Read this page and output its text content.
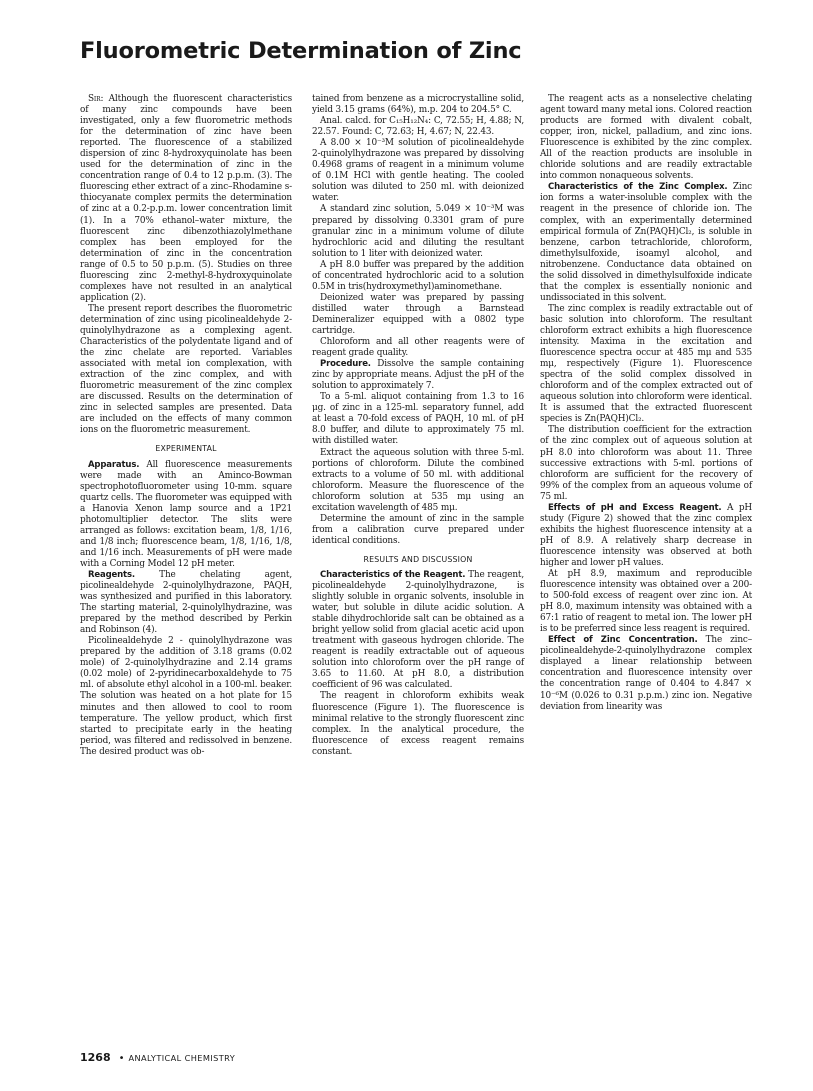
Fluorometric Determination of Zinc

Sir: Although the fluorescent characteristics of many zinc compounds have been investigated, only a few fluorometric methods for the determination of zinc have been reported. The fluorescence of a stabilized dispersion of zinc 8-hydroxyquinolate has been used for the determination of zinc in the concentration range of 0.4 to 12 p.p.m. (3). The fluorescing ether extract of a zinc–Rhodamine s-thiocyanate complex permits the determination of zinc at a 0.2-p.p.m. lower concentration limit (1). In a 70% ethanol–water mixture, the fluorescent zinc dibenzothiazolylmethane complex has been employed for the determination of zinc in the concentration range of 0.5 to 50 p.p.m. (5). Studies on three fluorescing zinc 2-methyl-8-hydroxyquinolate complexes have not resulted in an analytical application (2).

The present report describes the fluorometric determination of zinc using picolinealdehyde 2-quinolylhydrazone as a complexing agent. Characteristics of the polydentate ligand and of the zinc chelate are reported. Variables associated with metal ion complexation, with extraction of the zinc complex, and with fluorometric measurement of the zinc complex are discussed. Results on the determination of zinc in selected samples are presented. Data are included on the effects of many common ions on the fluorometric measurement.

EXPERIMENTAL

Apparatus. All fluorescence measurements were made with an Aminco-Bowman spectrophotofluorometer using 10-mm. square quartz cells. The fluorometer was equipped with a Hanovia Xenon lamp source and a 1P21 photomultiplier detector. The slits were arranged as follows: excitation beam, 1/8, 1/16, and 1/8 inch; fluorescence beam, 1/8, 1/16, 1/8, and 1/16 inch. Measurements of pH were made with a Corning Model 12 pH meter.

Reagents.	The chelating agent, picolinealdehyde 2-quinolylhydrazone, PAQH, was synthesized and purified in this laboratory. The starting material, 2-quinolylhydrazine, was prepared by the method described by Perkin and Robinson (4).

Picolinealdehyde 2 - quinolylhydrazone was prepared by the addition of 3.18 grams (0.02 mole) of 2-quinolylhydrazine and 2.14 grams (0.02 mole) of 2-pyridinecarboxaldehyde to 75 ml. of absolute ethyl alcohol in a 100-ml. beaker. The solution was heated on a hot plate for 15 minutes and then allowed to cool to room temperature. The yellow product, which first started to precipitate early in the heating period, was filtered and redissolved in benzene. The desired product was ob-

tained from benzene as a microcrystalline solid, yield 3.15 grams (64%), m.p. 204 to 204.5° C.

Anal. calcd. for C₁₅H₁₂N₄: C, 72.55; H, 4.88; N, 22.57. Found: C, 72.63; H, 4.67; N, 22.43.

A 8.00 × 10⁻³M solution of picolinealdehyde 2-quinolylhydrazone was prepared by dissolving 0.4968 grams of reagent in a minimum volume of 0.1M HCl with gentle heating. The cooled solution was diluted to 250 ml. with deionized water.

A standard zinc solution, 5.049 × 10⁻³M was prepared by dissolving 0.3301 gram of pure granular zinc in a minimum volume of dilute hydrochloric acid and diluting the resultant solution to 1 liter with deionized water.

A pH 8.0 buffer was prepared by the addition of concentrated hydrochloric acid to a solution 0.5M in tris(hydroxymethyl)aminomethane.

Deionized water was prepared by passing distilled water through a Barnstead Demineralizer equipped with a 0802 type cartridge.

Chloroform and all other reagents were of reagent grade quality.

Procedure. Dissolve the sample containing zinc by appropriate means. Adjust the pH of the solution to approximately 7.

To a 5-ml. aliquot containing from 1.3 to 16 μg. of zinc in a 125-ml. separatory funnel, add at least a 70-fold excess of PAQH, 10 ml. of pH 8.0 buffer, and dilute to approximately 75 ml. with distilled water.

Extract the aqueous solution with three 5-ml. portions of chloroform. Dilute the combined extracts to a volume of 50 ml. with additional chloroform. Measure the fluorescence of the chloroform solution at 535 mμ using an excitation wavelength of 485 mμ.

Determine the amount of zinc in the sample from a calibration curve prepared under identical conditions.

RESULTS AND DISCUSSION

Characteristics of the Reagent. The reagent, picolinealdehyde 2-quinolylhydrazone, is slightly soluble in organic solvents, insoluble in water, but soluble in dilute acidic solution. A stable dihydrochloride salt can be obtained as a bright yellow solid from glacial acetic acid upon treatment with gaseous hydrogen chloride. The reagent is readily extractable out of aqueous solution into chloroform over the pH range of 3.65 to 11.60. At pH 8.0, a distribution coefficient of 96 was calculated.

The reagent in chloroform exhibits weak fluorescence (Figure 1). The fluorescence is minimal relative to the strongly fluorescent zinc complex. In the analytical procedure, the fluorescence of excess reagent remains constant.

The reagent acts as a nonselective chelating agent toward many metal ions. Colored reaction products are formed with divalent cobalt, copper, iron, nickel, palladium, and zinc ions. Fluorescence is exhibited by the zinc complex. All of the reaction products are insoluble in chloride solutions and are readily extractable into common nonaqueous solvents.

Characteristics of the Zinc Complex. Zinc ion forms a water-insoluble complex with the reagent in the presence of chloride ion. The complex, with an experimentally determined empirical formula of Zn(PAQH)Cl₂, is soluble in benzene, carbon tetrachloride, chloroform, dimethylsulfoxide, isoamyl alcohol, and nitrobenzene. Conductance data obtained on the solid dissolved in dimethylsulfoxide indicate that the complex is essentially nonionic and undissociated in this solvent.

The zinc complex is readily extractable out of basic solution into chloroform. The resultant chloroform extract exhibits a high fluorescence intensity. Maxima in the excitation and fluorescence spectra occur at 485 mμ and 535 mμ, respectively (Figure 1). Fluorescence spectra of the solid complex dissolved in chloroform and of the complex extracted out of aqueous solution into chloroform were identical. It is assumed that the extracted fluorescent species is Zn(PAQH)Cl₂.

The distribution coefficient for the extraction of the zinc complex out of aqueous solution at pH 8.0 into chloroform was about 11. Three successive extractions with 5-ml. portions of chloroform are sufficient for the recovery of 99% of the complex from an aqueous volume of 75 ml.

Effects of pH and Excess Reagent. A pH study (Figure 2) showed that the zinc complex exhibits the highest fluorescence intensity at a pH of 8.9. A relatively sharp decrease in fluorescence intensity was observed at both higher and lower pH values.

At pH 8.9, maximum and reproducible fluorescence intensity was obtained over a 200- to 500-fold excess of reagent over zinc ion. At pH 8.0, maximum intensity was obtained with a 67:1 ratio of reagent to metal ion. The lower pH is to be preferred since less reagent is required.

Effect of Zinc Concentration. The zinc–picolinealdehyde-2-quinolylhydrazone complex displayed a linear relationship between concentration and fluorescence intensity over the concentration range of 0.404 to 4.847 × 10⁻⁶M (0.026 to 0.31 p.p.m.) zinc ion. Negative deviation from linearity was

1268 • ANALYTICAL CHEMISTRY
